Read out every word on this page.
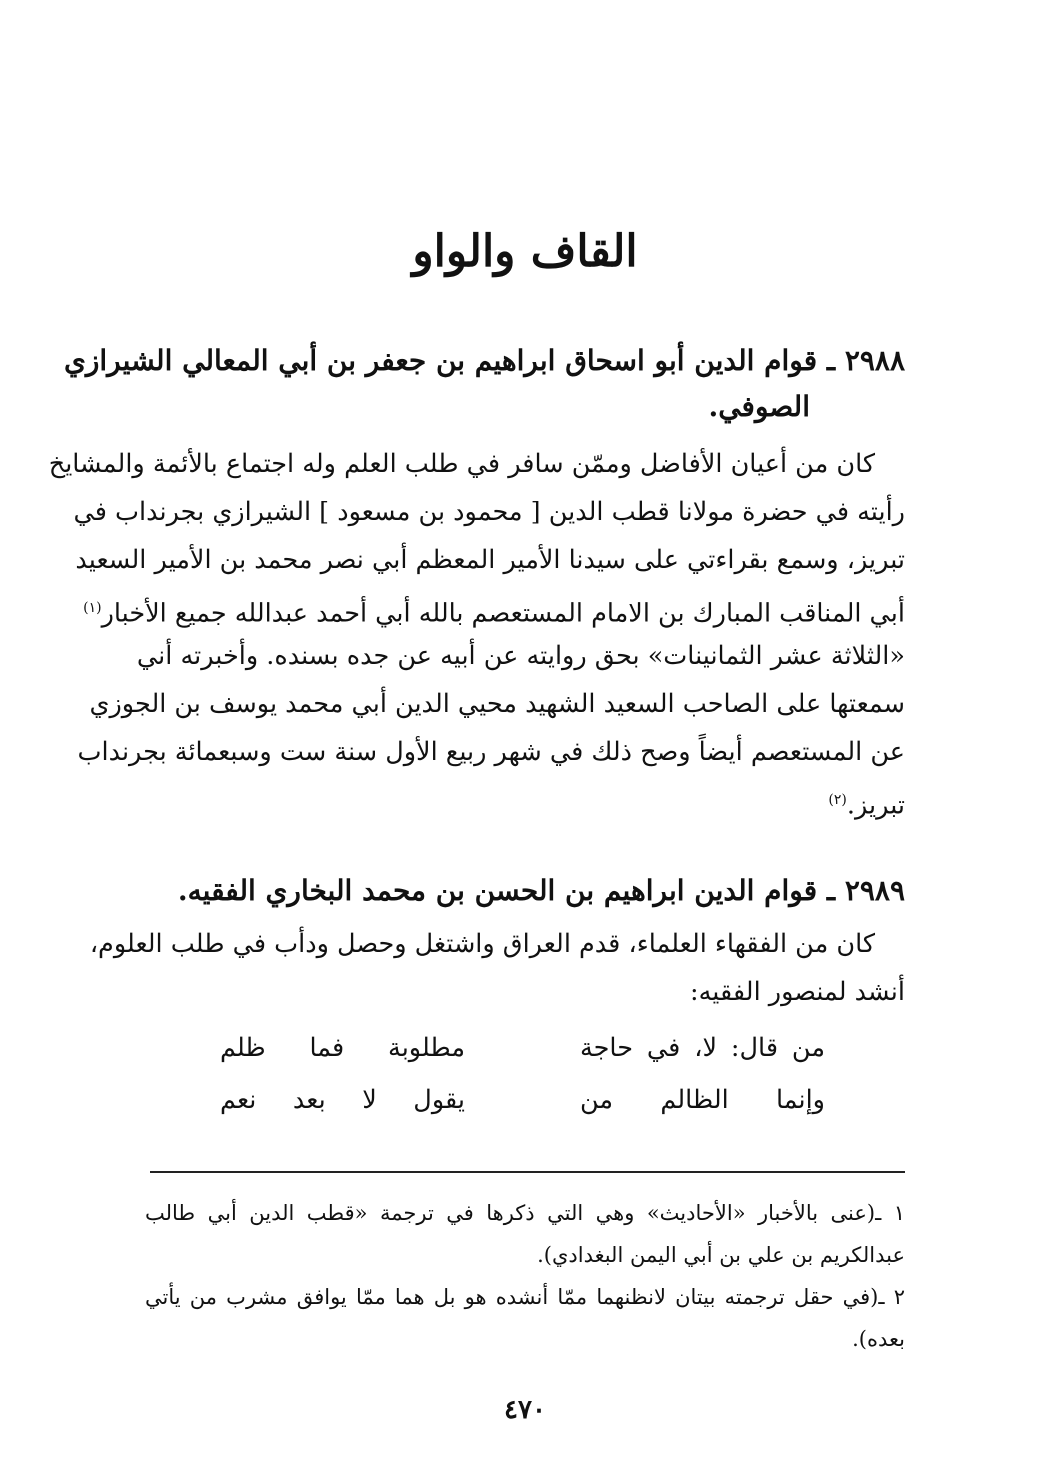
القاف والواو
٢٩٨٨ ـ قوام الدين أبو اسحاق ابراهيم بن جعفر بن أبي المعالي الشيرازي
الصوفي.
كان من أعيان الأفاضل وممّن سافر في طلب العلم وله اجتماع بالأئمة والمشايخ
رأيته في حضرة مولانا قطب الدين [ محمود بن مسعود ] الشيرازي بجرنداب في
تبريز، وسمع بقراءتي على سيدنا الأمير المعظم أبي نصر محمد بن الأمير السعيد
أبي المناقب المبارك بن الامام المستعصم بالله أبي أحمد عبدالله جميع الأخبار$^{(١)}$
«الثلاثة عشر الثمانينات» بحق روايته عن أبيه عن جده بسنده. وأخبرته أني
سمعتها على الصاحب السعيد الشهيد محيي الدين أبي محمد يوسف بن الجوزي
عن المستعصم أيضاً وصح ذلك في شهر ربيع الأول سنة ست وسبعمائة بجرنداب
تبريز.$^{(٢)}$
٢٩٨٩ ـ قوام الدين ابراهيم بن الحسن بن محمد البخاري الفقيه.
كان من الفقهاء العلماء، قدم العراق واشتغل وحصل ودأب في طلب العلوم،
أنشد لمنصور الفقيه:
من قال: لا، في حاجة
مطلوبة فما ظلم
وإنما الظالم من
يقول لا بعد نعم
١ ـ(عنى بالأخبار «الأحاديث» وهي التي ذكرها في ترجمة «قطب الدين أبي طالب
عبدالكريم بن علي بن أبي اليمن البغدادي).
٢ ـ(في حقل ترجمته بيتان لانظنهما ممّا أنشده هو بل هما ممّا يوافق مشرب من يأتي
بعده).
٤٧٠
